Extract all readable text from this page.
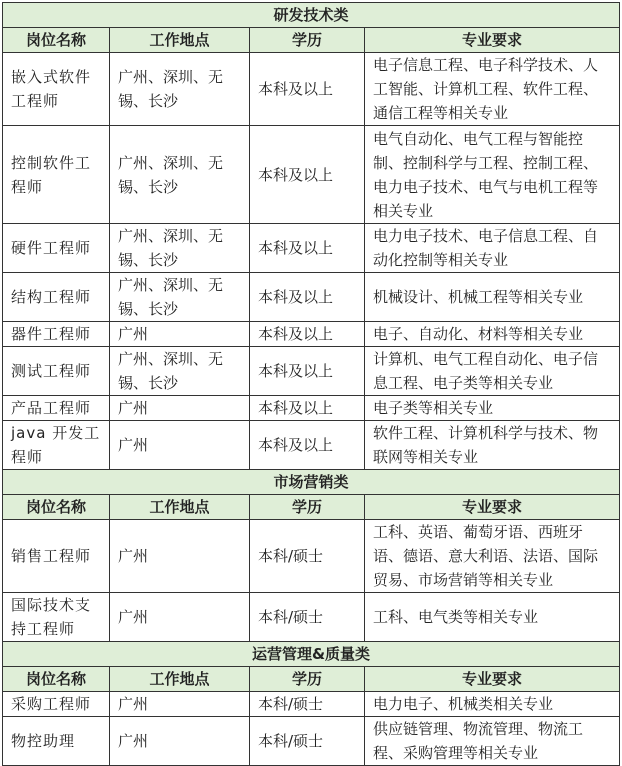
研发技术类			
岗位名称	工作地点	学历	专业要求
嵌入式软件工程师	广州、深圳、无锡、长沙	本科及以上	电子信息工程、电子科学技术、人工智能、计算机工程、软件工程、通信工程等相关专业
控制软件工程师	广州、深圳、无锡、长沙	本科及以上	电气自动化、电气工程与智能控制、控制科学与工程、控制工程、电力电子技术、电气与电机工程等相关专业
硬件工程师	广州、深圳、无锡、长沙	本科及以上	电力电子技术、电子信息工程、自动化控制等相关专业
结构工程师	广州、深圳、无锡、长沙	本科及以上	机械设计、机械工程等相关专业
器件工程师	广州	本科及以上	电子、自动化、材料等相关专业
测试工程师	广州、深圳、无锡、长沙	本科及以上	计算机、电气工程自动化、电子信息工程、电子类等相关专业
产品工程师	广州	本科及以上	电子类等相关专业
java 开发工程师	广州	本科及以上	软件工程、计算机科学与技术、物联网等相关专业
市场营销类			
岗位名称	工作地点	学历	专业要求
销售工程师	广州	本科/硕士	工科、英语、葡萄牙语、西班牙语、德语、意大利语、法语、国际贸易、市场营销等相关专业
国际技术支持工程师	广州	本科/硕士	工科、电气类等相关专业
运营管理&质量类			
岗位名称	工作地点	学历	专业要求
采购工程师	广州	本科/硕士	电力电子、机械类相关专业
物控助理	广州	本科/硕士	供应链管理、物流管理、物流工程、采购管理等相关专业
